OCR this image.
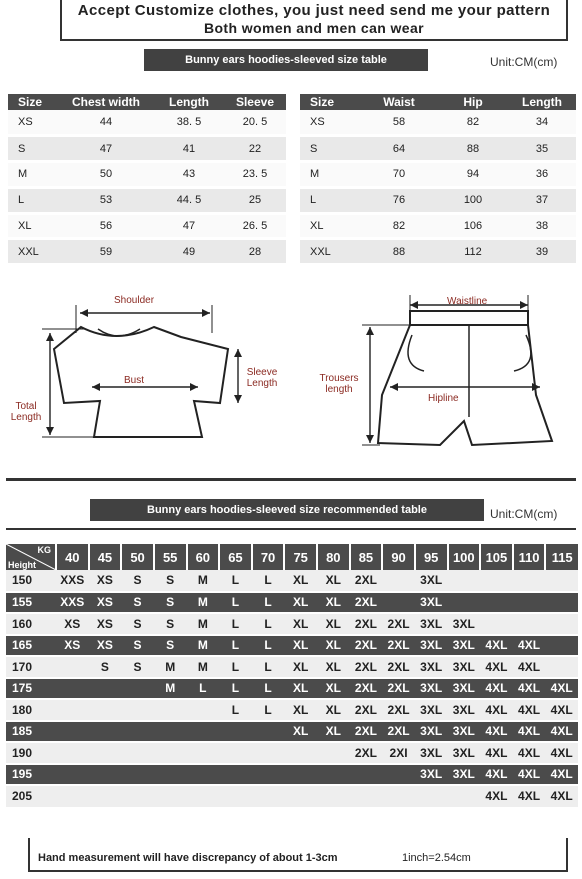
Accept Customize clothes, you just need send me your pattern
Both women and men can wear
Bunny ears hoodies-sleeved size table	Unit:CM(cm)
Size	Chest width	Length	Sleeve
XS	44	38. 5	20. 5
S	47	41	22
M	50	43	23. 5
L	53	44. 5	25
XL	56	47	26. 5
XXL	59	49	28
Size	Waist	Hip	Length
XS	58	82	34
S	64	88	35
M	70	94	36
L	76	100	37
XL	82	106	38
XXL	88	112	39
Shoulder
Bust
Sleeve
Length
Total
Length
Waistline
Hipline
Trousers
length
Bunny ears hoodies-sleeved size recommended table	Unit:CM(cm)
KG
Height	40	45	50	55	60	65	70	75	80	85	90	95	100	105	110	115
150	XXS	XS	S	S	M	L	L	XL	XL	2XL		3XL				
155	XXS	XS	S	S	M	L	L	XL	XL	2XL		3XL				
160	XS	XS	S	S	M	L	L	XL	XL	2XL	2XL	3XL	3XL			
165	XS	XS	S	S	M	L	L	XL	XL	2XL	2XL	3XL	3XL	4XL	4XL	
170		S	S	M	M	L	L	XL	XL	2XL	2XL	3XL	3XL	4XL	4XL	
175				M	L	L	L	XL	XL	2XL	2XL	3XL	3XL	4XL	4XL	4XL
180						L	L	XL	XL	2XL	2XL	3XL	3XL	4XL	4XL	4XL
185								XL	XL	2XL	2XL	3XL	3XL	4XL	4XL	4XL
190										2XL	2XI	3XL	3XL	4XL	4XL	4XL
195												3XL	3XL	4XL	4XL	4XL
205														4XL	4XL	4XL
Hand measurement will have discrepancy of about 1-3cm	1inch=2.54cm
